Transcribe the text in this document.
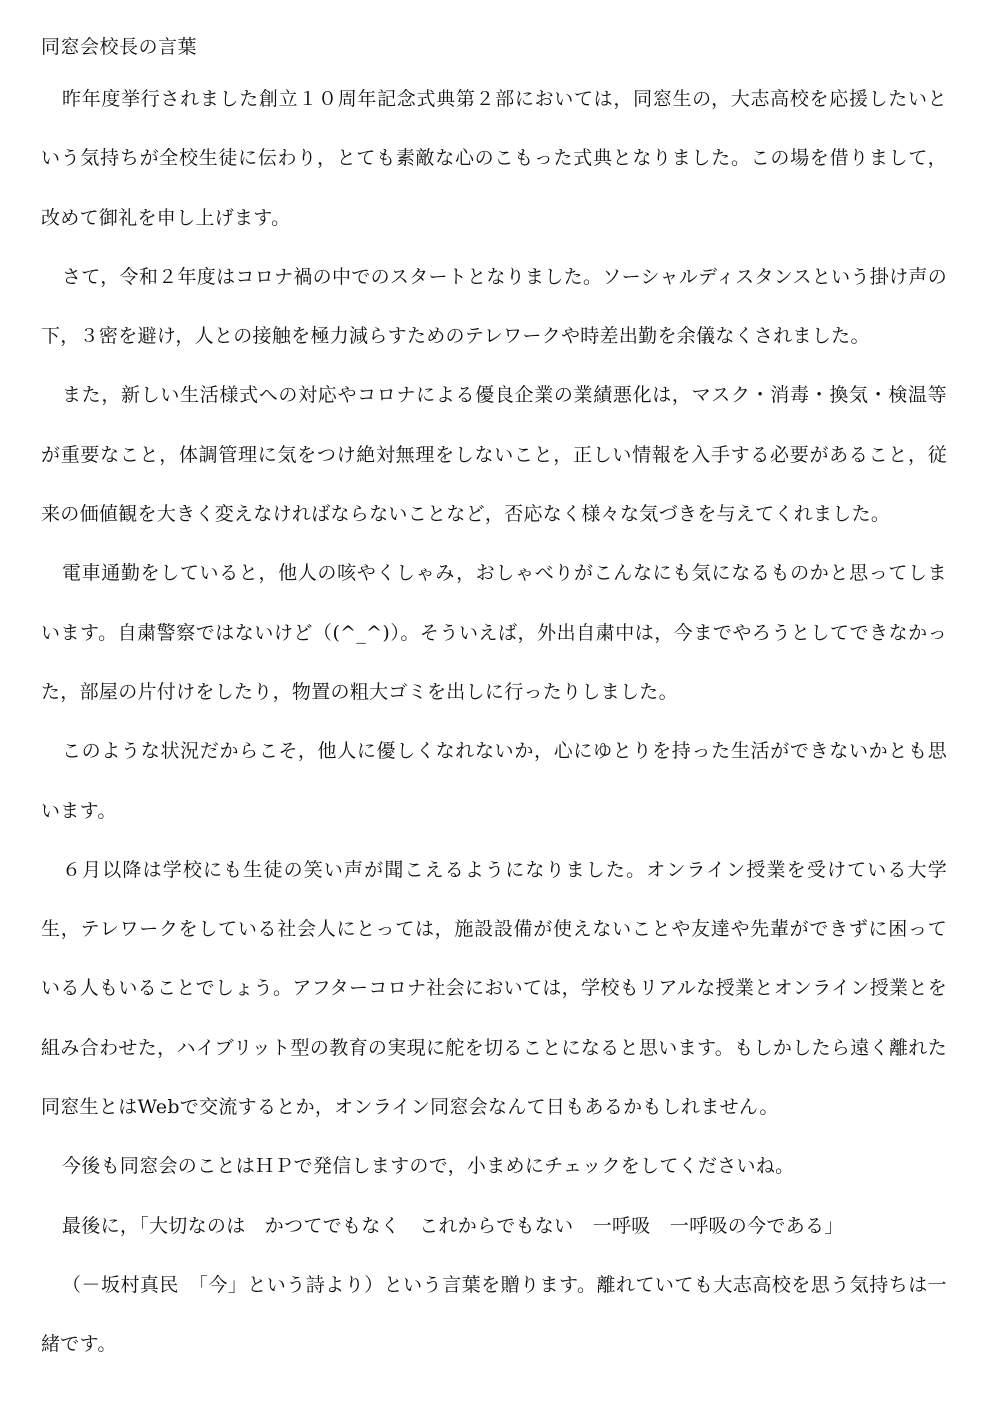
同窓会校長の言葉

昨年度挙行されました創立１０周年記念式典第２部においては，同窓生の，大志高校を応援したいという気持ちが全校生徒に伝わり，とても素敵な心のこもった式典となりました。この場を借りまして，改めて御礼を申し上げます。

さて，令和２年度はコロナ禍の中でのスタートとなりました。ソーシャルディスタンスという掛け声の下，３密を避け，人との接触を極力減らすためのテレワークや時差出勤を余儀なくされました。

また，新しい生活様式への対応やコロナによる優良企業の業績悪化は，マスク・消毒・換気・検温等が重要なこと，体調管理に気をつけ絶対無理をしないこと，正しい情報を入手する必要があること，従来の価値観を大きく変えなければならないことなど，否応なく様々な気づきを与えてくれました。

電車通勤をしていると，他人の咳やくしゃみ，おしゃべりがこんなにも気になるものかと思ってしまいます。自粛警察ではないけど（(^_^)）。そういえば，外出自粛中は，今までやろうとしてできなかった，部屋の片付けをしたり，物置の粗大ゴミを出しに行ったりしました。

このような状況だからこそ，他人に優しくなれないか，心にゆとりを持った生活ができないかとも思います。

６月以降は学校にも生徒の笑い声が聞こえるようになりました。オンライン授業を受けている大学生，テレワークをしている社会人にとっては，施設設備が使えないことや友達や先輩ができずに困っている人もいることでしょう。アフターコロナ社会においては，学校もリアルな授業とオンライン授業とを組み合わせた，ハイブリット型の教育の実現に舵を切ることになると思います。もしかしたら遠く離れた同窓生とはWebで交流するとか，オンライン同窓会なんて日もあるかもしれません。

今後も同窓会のことはＨＰで発信しますので，小まめにチェックをしてくださいね。

最後に，「大切なのは　かつてでもなく　これからでもない　一呼吸　一呼吸の今である」

（－坂村真民　「今」という詩より）という言葉を贈ります。離れていても大志高校を思う気持ちは一緒です。
